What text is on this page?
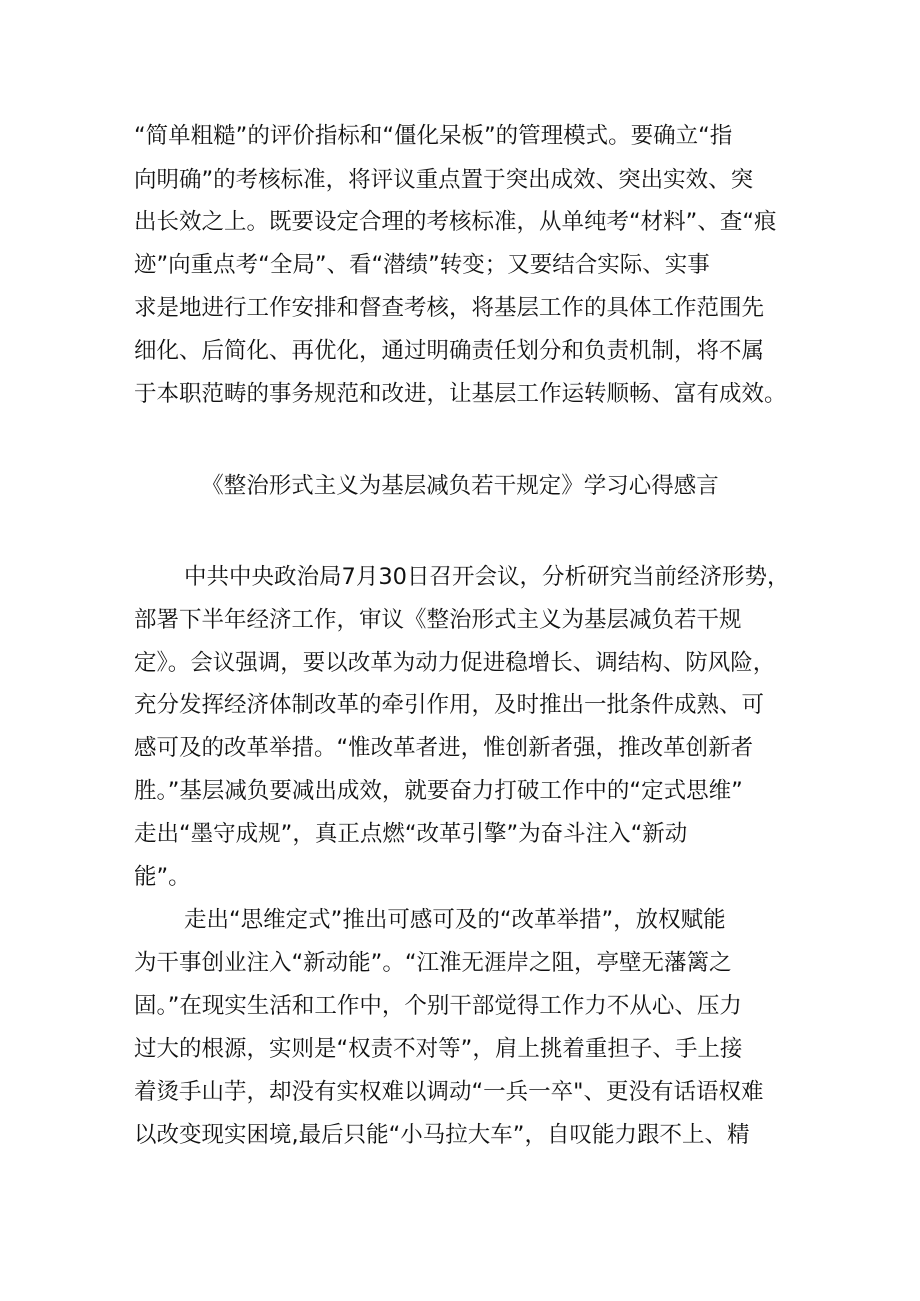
“简单粗糙”的评价指标和“僵化呆板”的管理模式。要确立“指
向明确”的考核标准，将评议重点置于突出成效、突出实效、突
出长效之上。既要设定合理的考核标准，从单纯考“材料”、查“痕
迹”向重点考“全局”、看“潜绩”转变；又要结合实际、实事
求是地进行工作安排和督查考核，将基层工作的具体工作范围先
细化、后简化、再优化，通过明确责任划分和负责机制，将不属
于本职范畴的事务规范和改进，让基层工作运转顺畅、富有成效。
《整治形式主义为基层减负若干规定》学习心得感言
中共中央政治局7月30日召开会议，分析研究当前经济形势，
部署下半年经济工作，审议《整治形式主义为基层减负若干规
定》。会议强调，要以改革为动力促进稳增长、调结构、防风险，
充分发挥经济体制改革的牵引作用，及时推出一批条件成熟、可
感可及的改革举措。“惟改革者进，惟创新者强，推改革创新者
胜。”基层减负要减出成效，就要奋力打破工作中的“定式思维”
走出“墨守成规”，真正点燃“改革引擎”为奋斗注入“新动
能”。
走出“思维定式”推出可感可及的“改革举措”，放权赋能
为干事创业注入“新动能”。“江淮无涯岸之阻，亭壁无藩篱之
固。”在现实生活和工作中，个别干部觉得工作力不从心、压力
过大的根源，实则是“权责不对等”，肩上挑着重担子、手上接
着烫手山芋，却没有实权难以调动“一兵一卒"、更没有话语权难
以改变现实困境,最后只能“小马拉大车”，自叹能力跟不上、精
